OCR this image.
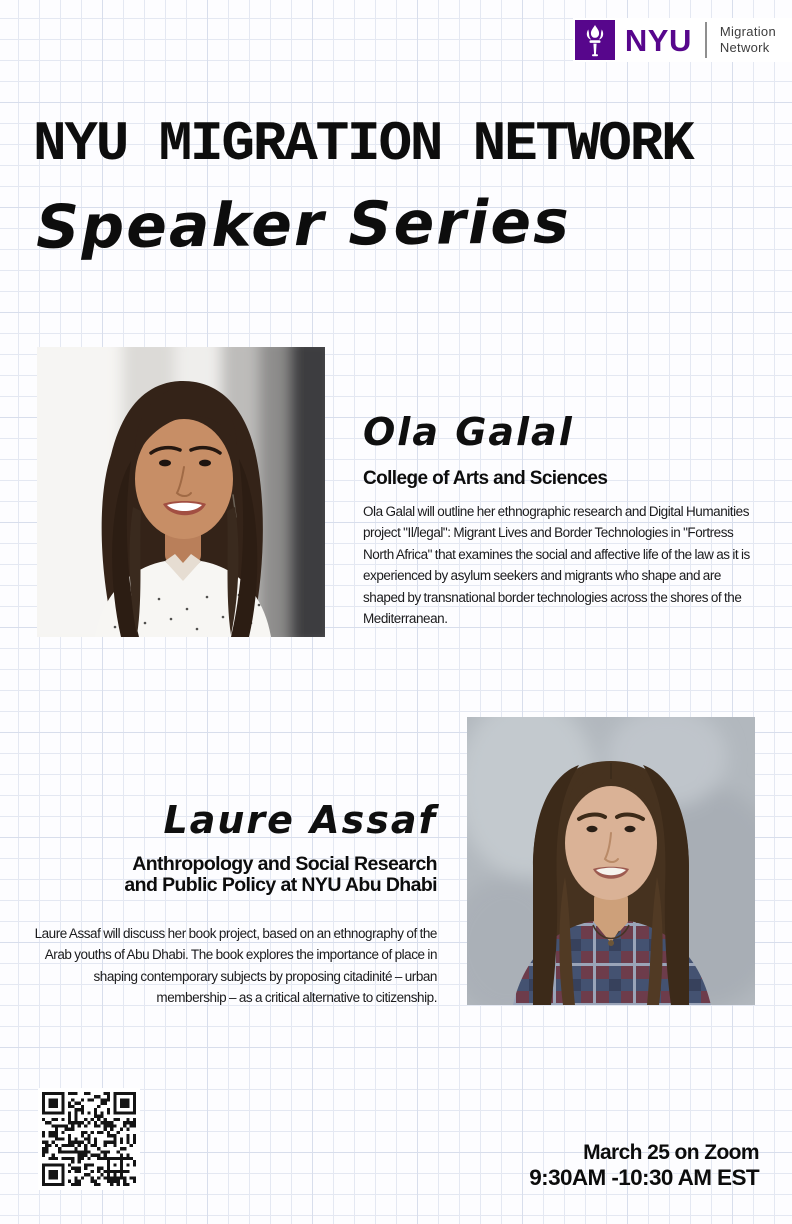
NYU Migration
Network
NYU MIGRATION NETWORK
Speaker Series
Ola Galal
College of Arts and Sciences

Ola Galal will outline her ethnographic research and Digital Humanities project "Il/legal": Migrant Lives and Border Technologies in "Fortress North Africa" that examines the social and affective life of the law as it is experienced by asylum seekers and migrants who shape and are shaped by transnational border technologies across the shores of the Mediterranean.

Laure Assaf
Anthropology and Social Research
and Public Policy at NYU Abu Dhabi

Laure Assaf will discuss her book project, based on an ethnography of the Arab youths of Abu Dhabi. The book explores the importance of place in shaping contemporary subjects by proposing citadinité – urban membership – as a critical alternative to citizenship.

March 25 on Zoom
9:30AM -10:30 AM EST
